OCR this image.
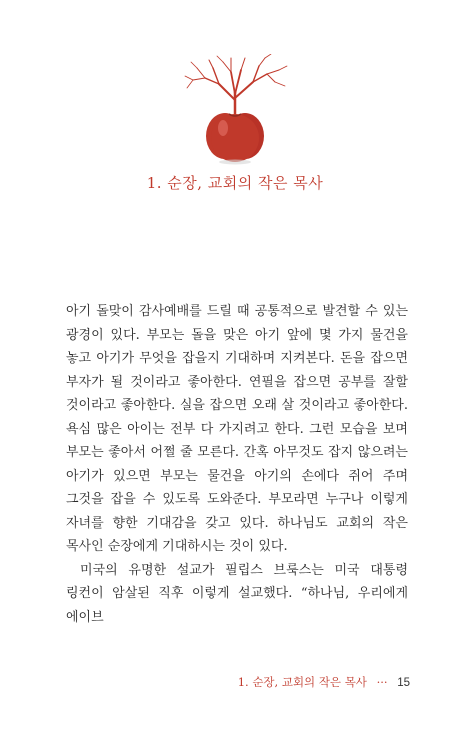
1. 순장, 교회의 작은 목사

아기 돌맞이 감사예배를 드릴 때 공통적으로 발견할 수 있는 광경이 있다. 부모는 돌을 맞은 아기 앞에 몇 가지 물건을 놓고 아기가 무엇을 잡을지 기대하며 지켜본다. 돈을 잡으면 부자가 될 것이라고 좋아한다. 연필을 잡으면 공부를 잘할 것이라고 좋아한다. 실을 잡으면 오래 살 것이라고 좋아한다. 욕심 많은 아이는 전부 다 가지려고 한다. 그런 모습을 보며 부모는 좋아서 어쩔 줄 모른다. 간혹 아무것도 잡지 않으려는 아기가 있으면 부모는 물건을 아기의 손에다 쥐어 주며 그것을 잡을 수 있도록 도와준다. 부모라면 누구나 이렇게 자녀를 향한 기대감을 갖고 있다. 하나님도 교회의 작은 목사인 순장에게 기대하시는 것이 있다.

미국의 유명한 설교가 필립스 브룩스는 미국 대통령 링컨이 암살된 직후 이렇게 설교했다. “하나님, 우리에게 에이브

1. 순장, 교회의 작은 목사 ··· 15
